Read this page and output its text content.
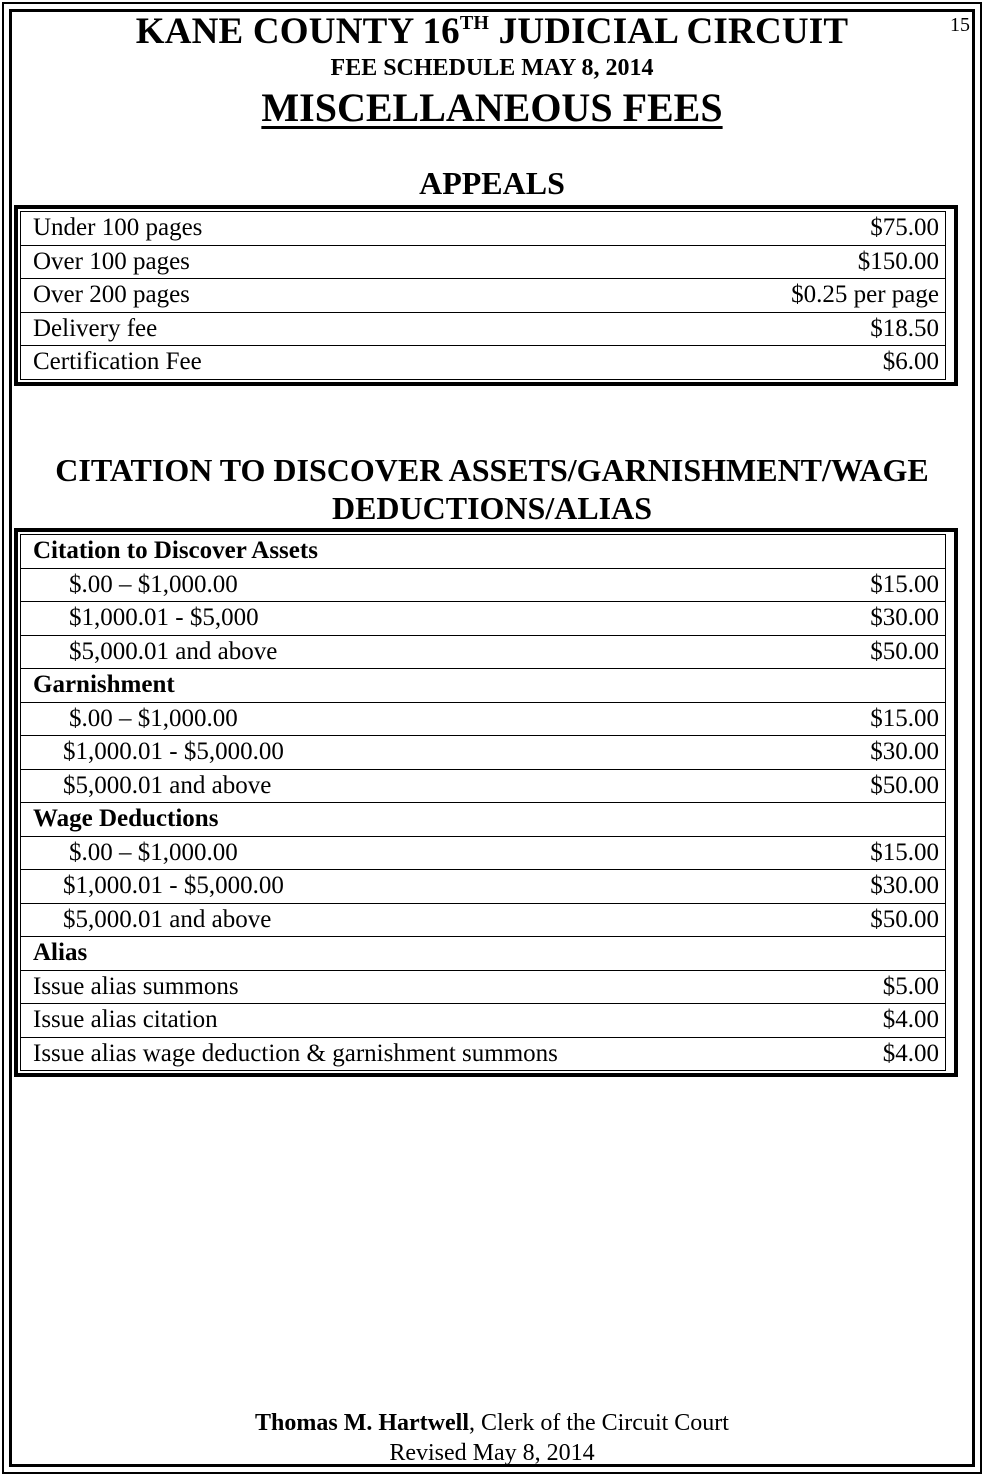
15
KANE COUNTY 16TH JUDICIAL CIRCUIT
FEE SCHEDULE MAY 8, 2014
MISCELLANEOUS FEES
APPEALS
Under 100 pages	$75.00
Over 100 pages	$150.00
Over 200 pages	$0.25 per page
Delivery fee	$18.50
Certification Fee	$6.00
CITATION TO DISCOVER ASSETS/GARNISHMENT/WAGE
DEDUCTIONS/ALIAS
Citation to Discover Assets	
$.00 – $1,000.00	$15.00
$1,000.01 - $5,000	$30.00
$5,000.01 and above	$50.00
Garnishment	
$.00 – $1,000.00	$15.00
$1,000.01 - $5,000.00	$30.00
$5,000.01 and above	$50.00
Wage Deductions	
$.00 – $1,000.00	$15.00
$1,000.01 - $5,000.00	$30.00
$5,000.01 and above	$50.00
Alias	
Issue alias summons	$5.00
Issue alias citation	$4.00
Issue alias wage deduction & garnishment summons	$4.00
Thomas M. Hartwell, Clerk of the Circuit Court
Revised May 8, 2014
